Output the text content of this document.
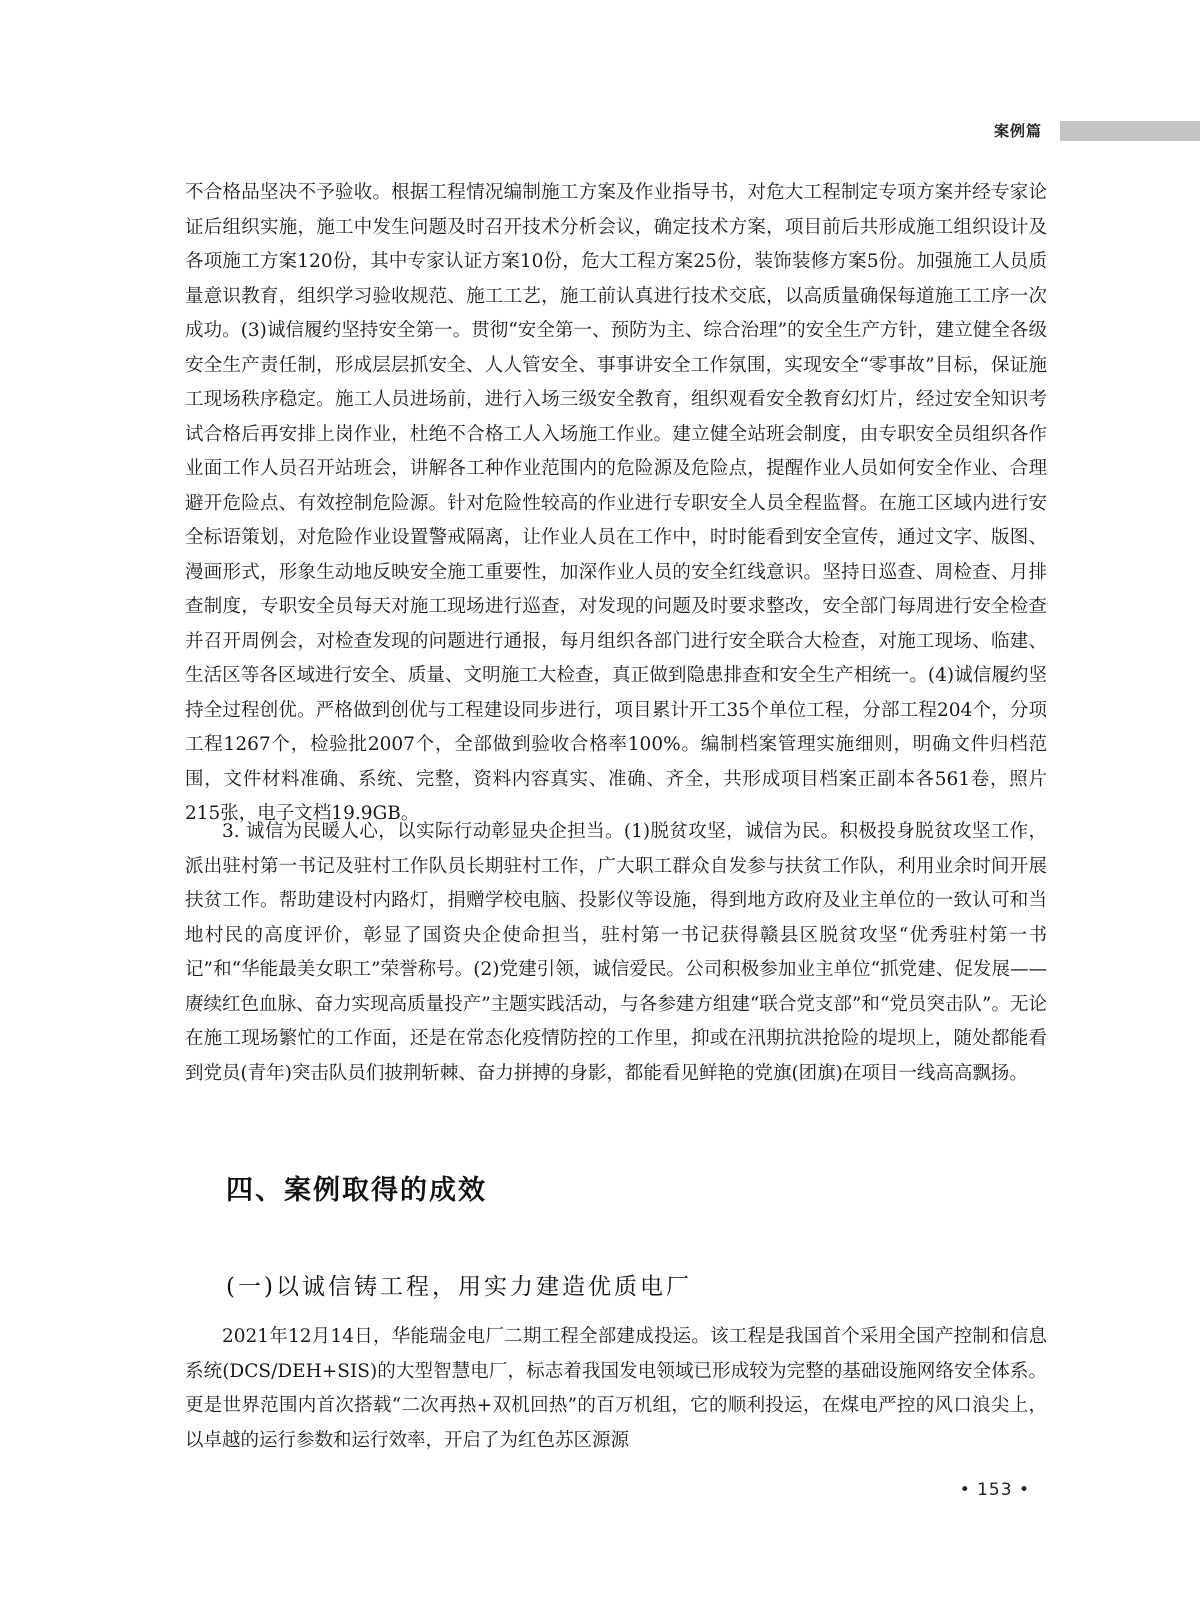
案例篇

不合格品坚决不予验收。根据工程情况编制施工方案及作业指导书，对危大工程制定专项方案并经专家论证后组织实施，施工中发生问题及时召开技术分析会议，确定技术方案，项目前后共形成施工组织设计及各项施工方案120份，其中专家认证方案10份，危大工程方案25份，装饰装修方案5份。加强施工人员质量意识教育，组织学习验收规范、施工工艺，施工前认真进行技术交底，以高质量确保每道施工工序一次成功。(3)诚信履约坚持安全第一。贯彻“安全第一、预防为主、综合治理”的安全生产方针，建立健全各级安全生产责任制，形成层层抓安全、人人管安全、事事讲安全工作氛围，实现安全“零事故”目标，保证施工现场秩序稳定。施工人员进场前，进行入场三级安全教育，组织观看安全教育幻灯片，经过安全知识考试合格后再安排上岗作业，杜绝不合格工人入场施工作业。建立健全站班会制度，由专职安全员组织各作业面工作人员召开站班会，讲解各工种作业范围内的危险源及危险点，提醒作业人员如何安全作业、合理避开危险点、有效控制危险源。针对危险性较高的作业进行专职安全人员全程监督。在施工区域内进行安全标语策划，对危险作业设置警戒隔离，让作业人员在工作中，时时能看到安全宣传，通过文字、版图、漫画形式，形象生动地反映安全施工重要性，加深作业人员的安全红线意识。坚持日巡查、周检查、月排查制度，专职安全员每天对施工现场进行巡查，对发现的问题及时要求整改，安全部门每周进行安全检查并召开周例会，对检查发现的问题进行通报，每月组织各部门进行安全联合大检查，对施工现场、临建、生活区等各区域进行安全、质量、文明施工大检查，真正做到隐患排查和安全生产相统一。(4)诚信履约坚持全过程创优。严格做到创优与工程建设同步进行，项目累计开工35个单位工程，分部工程204个，分项工程1267个，检验批2007个，全部做到验收合格率100%。编制档案管理实施细则，明确文件归档范围，文件材料准确、系统、完整，资料内容真实、准确、齐全，共形成项目档案正副本各561卷，照片215张，电子文档19.9GB。

3. 诚信为民暖人心，以实际行动彰显央企担当。(1)脱贫攻坚，诚信为民。积极投身脱贫攻坚工作，派出驻村第一书记及驻村工作队员长期驻村工作，广大职工群众自发参与扶贫工作队，利用业余时间开展扶贫工作。帮助建设村内路灯，捐赠学校电脑、投影仪等设施，得到地方政府及业主单位的一致认可和当地村民的高度评价，彰显了国资央企使命担当，驻村第一书记获得赣县区脱贫攻坚“优秀驻村第一书记”和“华能最美女职工”荣誉称号。(2)党建引领，诚信爱民。公司积极参加业主单位“抓党建、促发展——赓续红色血脉、奋力实现高质量投产”主题实践活动，与各参建方组建“联合党支部”和“党员突击队”。无论在施工现场繁忙的工作面，还是在常态化疫情防控的工作里，抑或在汛期抗洪抢险的堤坝上，随处都能看到党员(青年)突击队员们披荆斩棘、奋力拼搏的身影，都能看见鲜艳的党旗(团旗)在项目一线高高飘扬。

四、案例取得的成效
(一)以诚信铸工程，用实力建造优质电厂

2021年12月14日，华能瑞金电厂二期工程全部建成投运。该工程是我国首个采用全国产控制和信息系统(DCS/DEH+SIS)的大型智慧电厂，标志着我国发电领域已形成较为完整的基础设施网络安全体系。更是世界范围内首次搭载“二次再热+双机回热”的百万机组，它的顺利投运，在煤电严控的风口浪尖上，以卓越的运行参数和运行效率，开启了为红色苏区源源

• 153 •
